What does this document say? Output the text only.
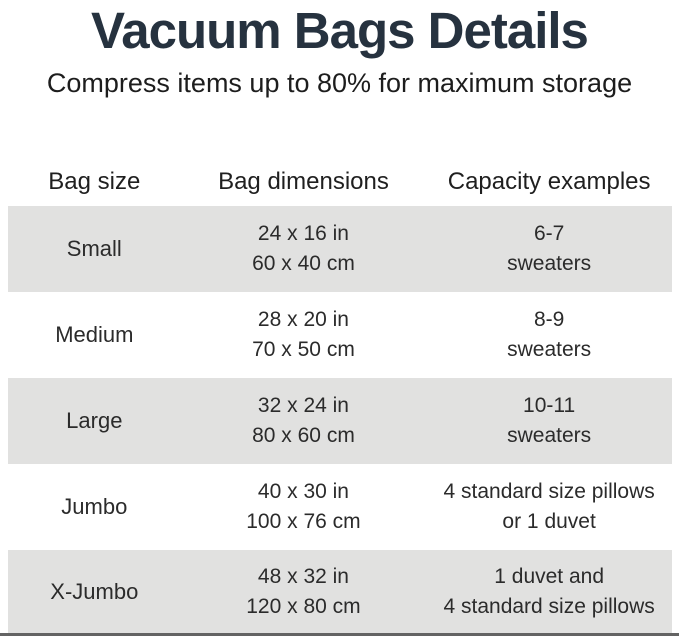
Vacuum Bags Details

Compress items up to 80% for maximum storage

Bag size	Bag dimensions	Capacity examples
Small
24 x 16 in
60 x 40 cm
6-7
sweaters
Medium
28 x 20 in
70 x 50 cm
8-9
sweaters
Large
32 x 24 in
80 x 60 cm
10-11
sweaters
Jumbo
40 x 30 in
100 x 76 cm
4 standard size pillows
or 1 duvet
X-Jumbo
48 x 32 in
120 x 80 cm
1 duvet and
4 standard size pillows
